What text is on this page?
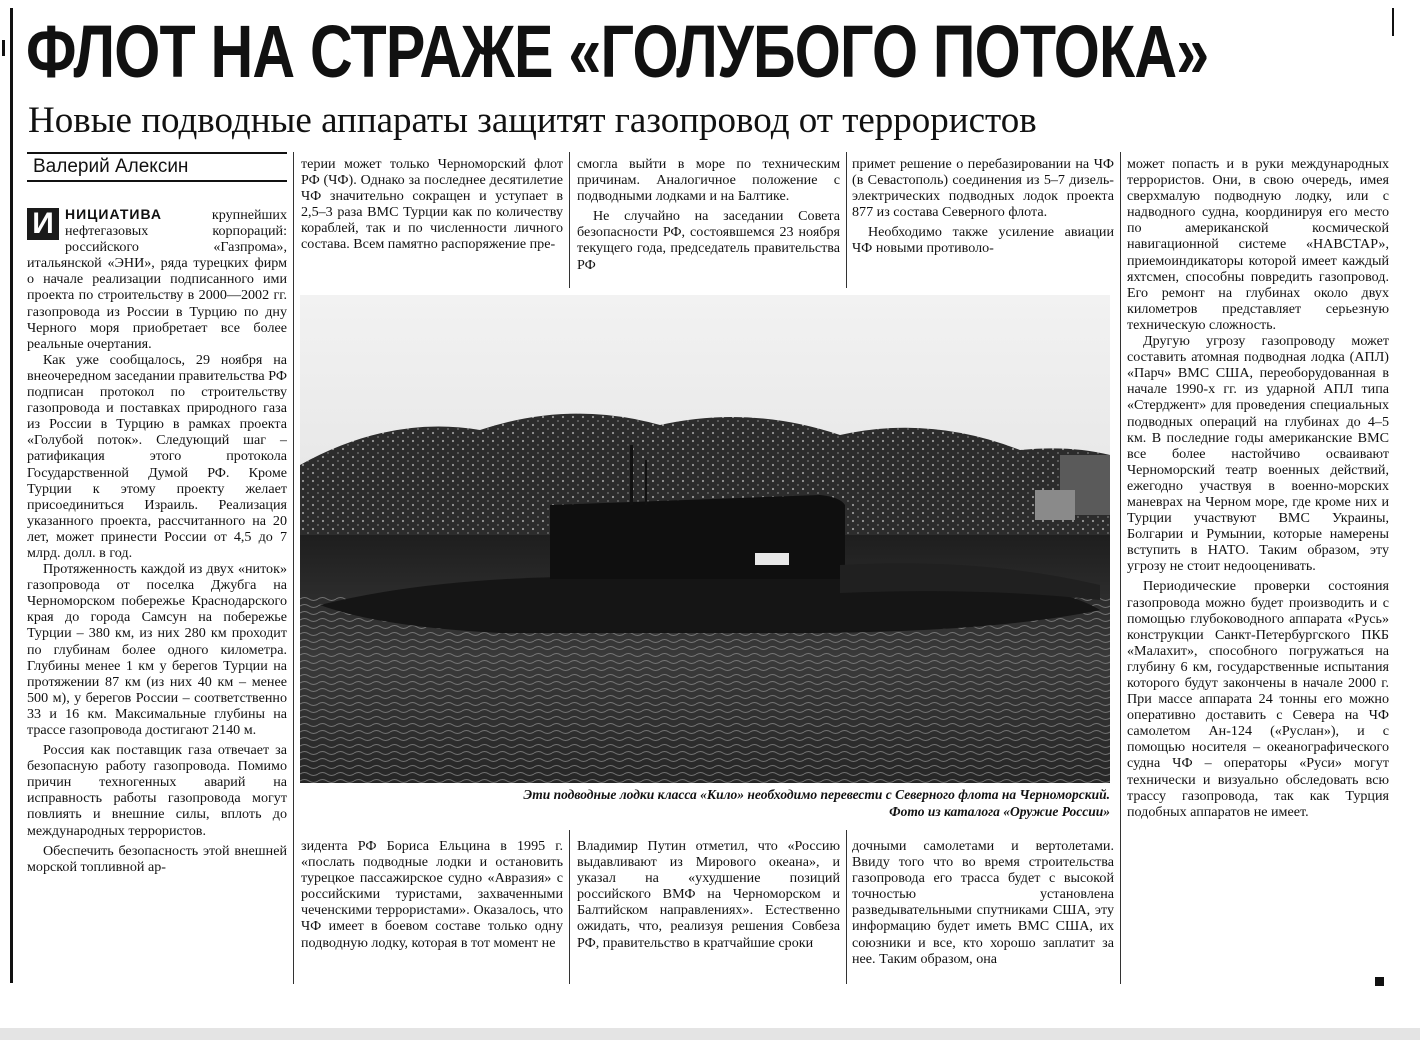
ФЛОТ НА СТРАЖЕ «ГОЛУБОГО ПОТОКА»
Новые подводные аппараты защитят газопровод от террористов
Валерий Алексин

И НИЦИАТИВА крупнейших нефтегазовых корпораций: российского «Газпрома», итальянской «ЭНИ», ряда турецких фирм о начале реализации подписанного ими проекта по строительству в 2000—2002 гг. газопровода из России в Турцию по дну Черного моря приобретает все более реальные очертания.

Как уже сообщалось, 29 ноября на внеочередном заседании правительства РФ подписан протокол по строительству газопровода и поставках природного газа из России в Турцию в рамках проекта «Голубой поток». Следующий шаг – ратификация этого протокола Государственной Думой РФ. Кроме Турции к этому проекту желает присоединиться Израиль. Реализация указанного проекта, рассчитанного на 20 лет, может принести России от 4,5 до 7 млрд. долл. в год.

Протяженность каждой из двух «ниток» газопровода от поселка Джубга на Черноморском побережье Краснодарского края до города Самсун на побережье Турции – 380 км, из них 280 км проходит по глубинам более одного километра. Глубины менее 1 км у берегов Турции на протяжении 87 км (из них 40 км – менее 500 м), у берегов России – соответственно 33 и 16 км. Максимальные глубины на трассе газопровода достигают 2140 м.

Россия как поставщик газа отвечает за безопасную работу газопровода. Помимо причин техногенных аварий на исправность работы газопровода могут повлиять и внешние силы, вплоть до международных террористов.

Обеспечить безопасность этой внешней морской топливной ар-

терии может только Черноморский флот РФ (ЧФ). Однако за последнее десятилетие ЧФ значительно сокращен и уступает в 2,5–3 раза ВМС Турции как по количеству кораблей, так и по численности личного состава. Всем памятно распоряжение пре-

смогла выйти в море по техническим причинам. Аналогичное положение с подводными лодками и на Балтике.

Не случайно на заседании Совета безопасности РФ, состоявшемся 23 ноября текущего года, председатель правительства РФ

примет решение о перебазировании на ЧФ (в Севастополь) соединения из 5–7 дизель-электрических подводных лодок проекта 877 из состава Северного флота.

Необходимо также усиление авиации ЧФ новыми противоло-

Эти подводные лодки класса «Кило» необходимо перевести с Северного флота на Черноморский.
Фото из каталога «Оружие России»

зидента РФ Бориса Ельцина в 1995 г. «послать подводные лодки и остановить турецкое пассажирское судно «Авразия» с российскими туристами, захваченными чеченскими террористами». Оказалось, что ЧФ имеет в боевом составе только одну подводную лодку, которая в тот момент не

Владимир Путин отметил, что «Россию выдавливают из Мирового океана», и указал на «ухудшение позиций российского ВМФ на Черноморском и Балтийском направлениях». Естественно ожидать, что, реализуя решения Совбеза РФ, правительство в кратчайшие сроки

дочными самолетами и вертолетами. Ввиду того что во время строительства газопровода его трасса будет с высокой точностью установлена разведывательными спутниками США, эту информацию будет иметь ВМС США, их союзники и все, кто хорошо заплатит за нее. Таким образом, она

может попасть и в руки международных террористов. Они, в свою очередь, имея сверхмалую подводную лодку, или с надводного судна, координируя его место по американской космической навигационной системе «НАВСТАР», приемоиндикаторы которой имеет каждый яхтсмен, способны повредить газопровод. Его ремонт на глубинах около двух километров представляет серьезную техническую сложность.

Другую угрозу газопроводу может составить атомная подводная лодка (АПЛ) «Парч» ВМС США, переоборудованная в начале 1990-х гг. из ударной АПЛ типа «Стерджент» для проведения специальных подводных операций на глубинах до 4–5 км. В последние годы американские ВМС все более настойчиво осваивают Черноморский театр военных действий, ежегодно участвуя в военно-морских маневрах на Черном море, где кроме них и Турции участвуют ВМС Украины, Болгарии и Румынии, которые намерены вступить в НАТО. Таким образом, эту угрозу не стоит недооценивать.

Периодические проверки состояния газопровода можно будет производить и с помощью глубоководного аппарата «Русь» конструкции Санкт-Петербургского ПКБ «Малахит», способного погружаться на глубину 6 км, государственные испытания которого будут закончены в начале 2000 г. При массе аппарата 24 тонны его можно оперативно доставить с Севера на ЧФ самолетом Ан-124 («Руслан»), и с помощью носителя – океанографического судна ЧФ – операторы «Руси» могут технически и визуально обследовать всю трассу газопровода, так как Турция подобных аппаратов не имеет.
